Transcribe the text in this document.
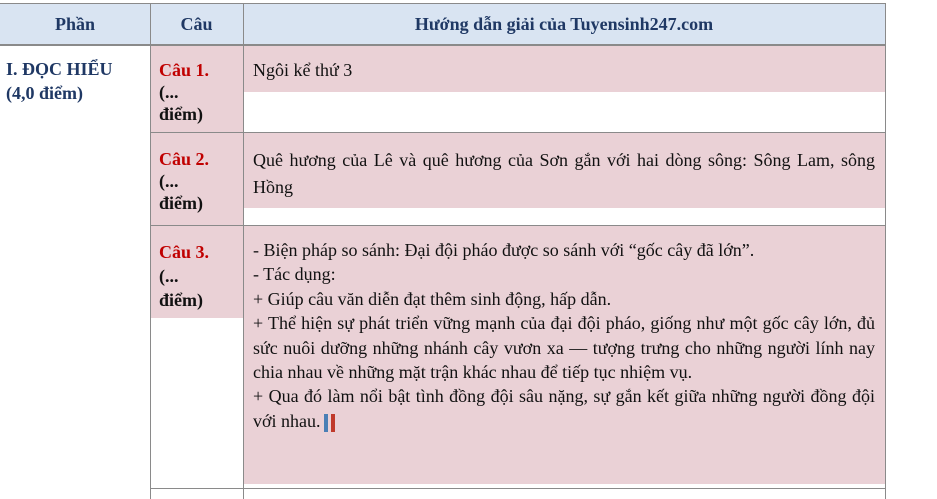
Phần	Câu	Hướng dẫn giải của Tuyensinh247.com
I. ĐỌC HIỂU
(4,0 điểm)
Câu 1.
(...
điểm)
Ngôi kể thứ 3
Câu 2.
(...
điểm)
Quê hương của Lê và quê hương của Sơn gắn với hai dòng sông: Sông Lam, sông Hồng
Câu 3.
(...
điểm)
- Biện pháp so sánh: Đại đội pháo được so sánh với “gốc cây đã lớn”.
- Tác dụng:
+ Giúp câu văn diễn đạt thêm sinh động, hấp dẫn.
+ Thể hiện sự phát triển vững mạnh của đại đội pháo, giống như một gốc cây lớn, đủ sức nuôi dưỡng những nhánh cây vươn xa — tượng trưng cho những người lính nay chia nhau về những mặt trận khác nhau để tiếp tục nhiệm vụ.
+ Qua đó làm nổi bật tình đồng đội sâu nặng, sự gắn kết giữa những người đồng đội với nhau.
